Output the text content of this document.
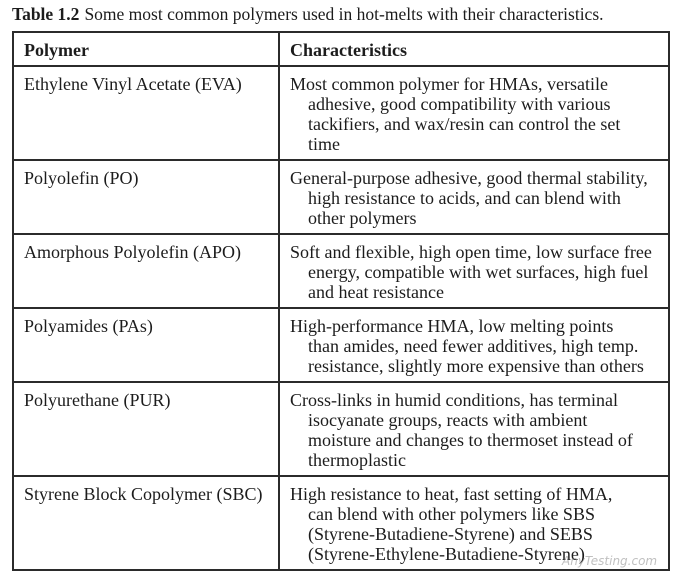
Table 1.2 Some most common polymers used in hot-melts with their characteristics.
Polymer	Characteristics
Ethylene Vinyl Acetate (EVA)	Most common polymer for HMAs, versatile
adhesive, good compatibility with various
tackifiers, and wax/resin can control the set
time

Polyolefin (PO)	General-purpose adhesive, good thermal stability,
high resistance to acids, and can blend with
other polymers

Amorphous Polyolefin (APO)	Soft and flexible, high open time, low surface free
energy, compatible with wet surfaces, high fuel
and heat resistance

Polyamides (PAs)	High-performance HMA, low melting points
than amides, need fewer additives, high temp.
resistance, slightly more expensive than others

Polyurethane (PUR)	Cross-links in humid conditions, has terminal
isocyanate groups, reacts with ambient
moisture and changes to thermoset instead of
thermoplastic

Styrene Block Copolymer (SBC)	High resistance to heat, fast setting of HMA,
can blend with other polymers like SBS
(Styrene-Butadiene-Styrene) and SEBS
(Styrene-Ethylene-Butadiene-Styrene)
AnyTesting.com
